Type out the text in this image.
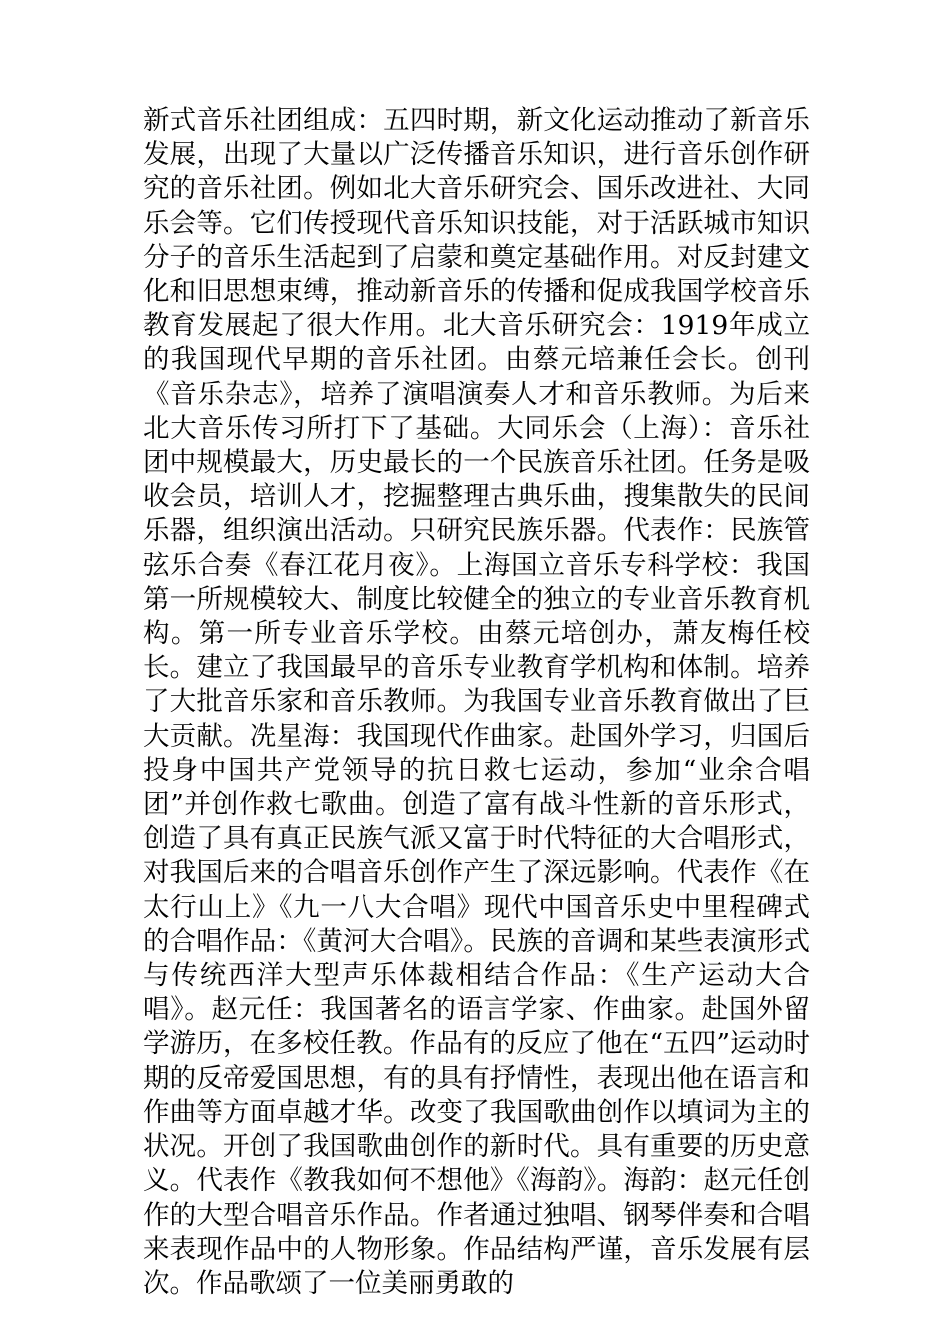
新式音乐社团组成：五四时期，新文化运动推动了新音乐发展，出现了大量以广泛传播音乐知识，进行音乐创作研究的音乐社团。例如北大音乐研究会、国乐改进社、大同乐会等。它们传授现代音乐知识技能，对于活跃城市知识分子的音乐生活起到了启蒙和奠定基础作用。对反封建文化和旧思想束缚，推动新音乐的传播和促成我国学校音乐教育发展起了很大作用。北大音乐研究会：1919年成立的我国现代早期的音乐社团。由蔡元培兼任会长。创刊《音乐杂志》，培养了演唱演奏人才和音乐教师。为后来北大音乐传习所打下了基础。大同乐会（上海）：音乐社团中规模最大，历史最长的一个民族音乐社团。任务是吸收会员，培训人才，挖掘整理古典乐曲，搜集散失的民间乐器，组织演出活动。只研究民族乐器。代表作：民族管弦乐合奏《春江花月夜》。上海国立音乐专科学校：我国第一所规模较大、制度比较健全的独立的专业音乐教育机构。第一所专业音乐学校。由蔡元培创办，萧友梅任校长。建立了我国最早的音乐专业教育学机构和体制。培养了大批音乐家和音乐教师。为我国专业音乐教育做出了巨大贡献。冼星海：我国现代作曲家。赴国外学习，归国后投身中国共产党领导的抗日救七运动，参加“业余合唱团”并创作救七歌曲。创造了富有战斗性新的音乐形式，创造了具有真正民族气派又富于时代特征的大合唱形式，对我国后来的合唱音乐创作产生了深远影响。代表作《在太行山上》《九一八大合唱》现代中国音乐史中里程碑式的合唱作品：《黄河大合唱》。民族的音调和某些表演形式与传统西洋大型声乐体裁相结合作品：《生产运动大合唱》。赵元任：我国著名的语言学家、作曲家。赴国外留学游历，在多校任教。作品有的反应了他在“五四”运动时期的反帝爱国思想，有的具有抒情性，表现出他在语言和作曲等方面卓越才华。改变了我国歌曲创作以填词为主的状况。开创了我国歌曲创作的新时代。具有重要的历史意义。代表作《教我如何不想他》《海韵》。海韵：赵元任创作的大型合唱音乐作品。作者通过独唱、钢琴伴奏和合唱来表现作品中的人物形象。作品结构严谨，音乐发展有层次。作品歌颂了一位美丽勇敢的
